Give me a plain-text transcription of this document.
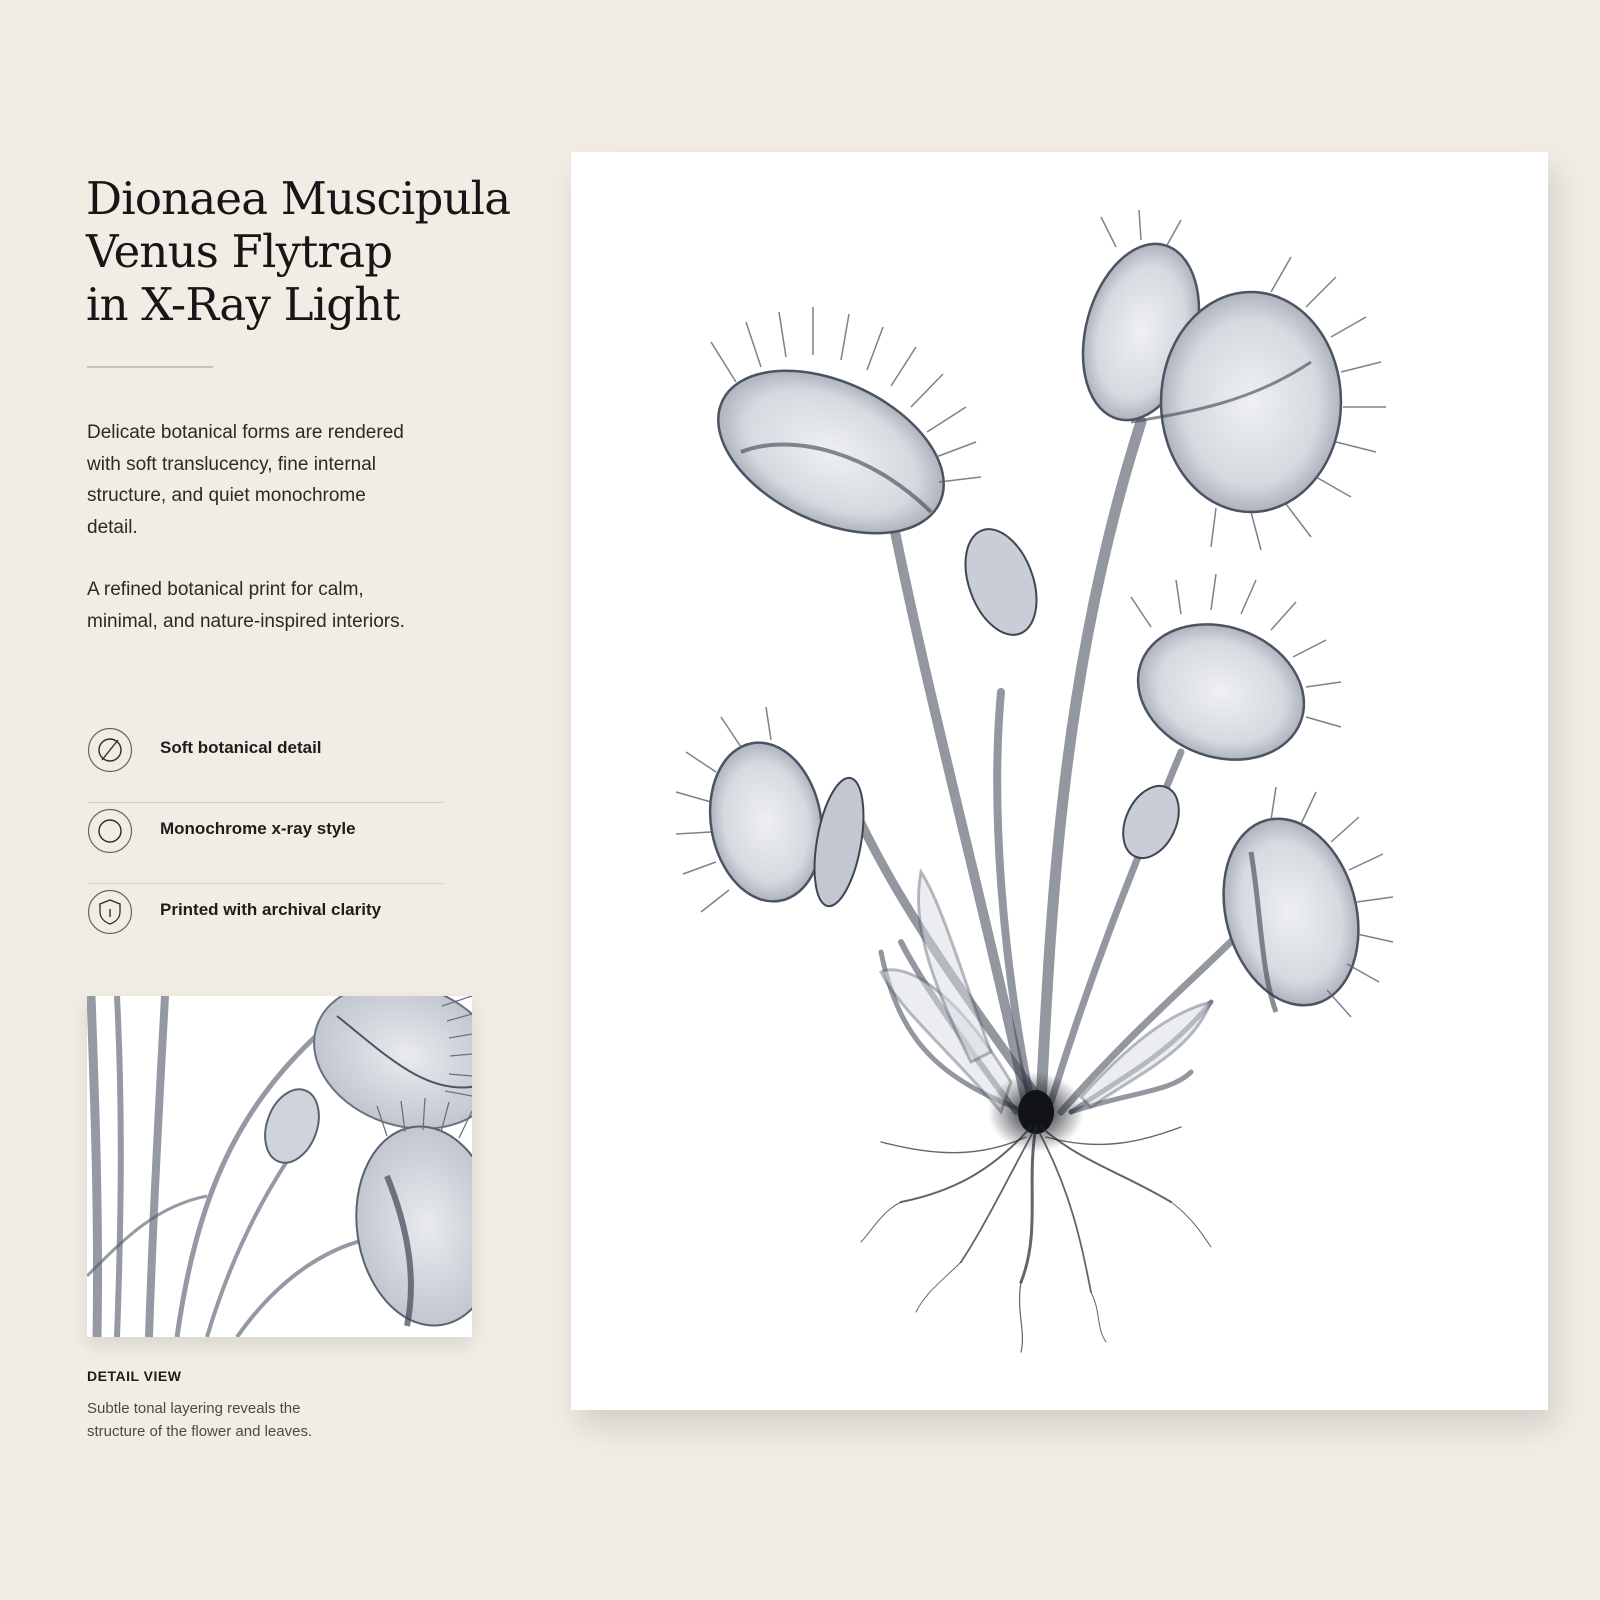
Dionaea Muscipula
Venus Flytrap
in X-Ray Light

Delicate botanical forms are rendered with soft translucency, fine internal structure, and quiet monochrome detail.

A refined botanical print for calm, minimal, and nature-inspired interiors.

Soft botanical detail
Monochrome x-ray style
Printed with archival clarity
DETAIL VIEW

Subtle tonal layering reveals the structure of the flower and leaves.
